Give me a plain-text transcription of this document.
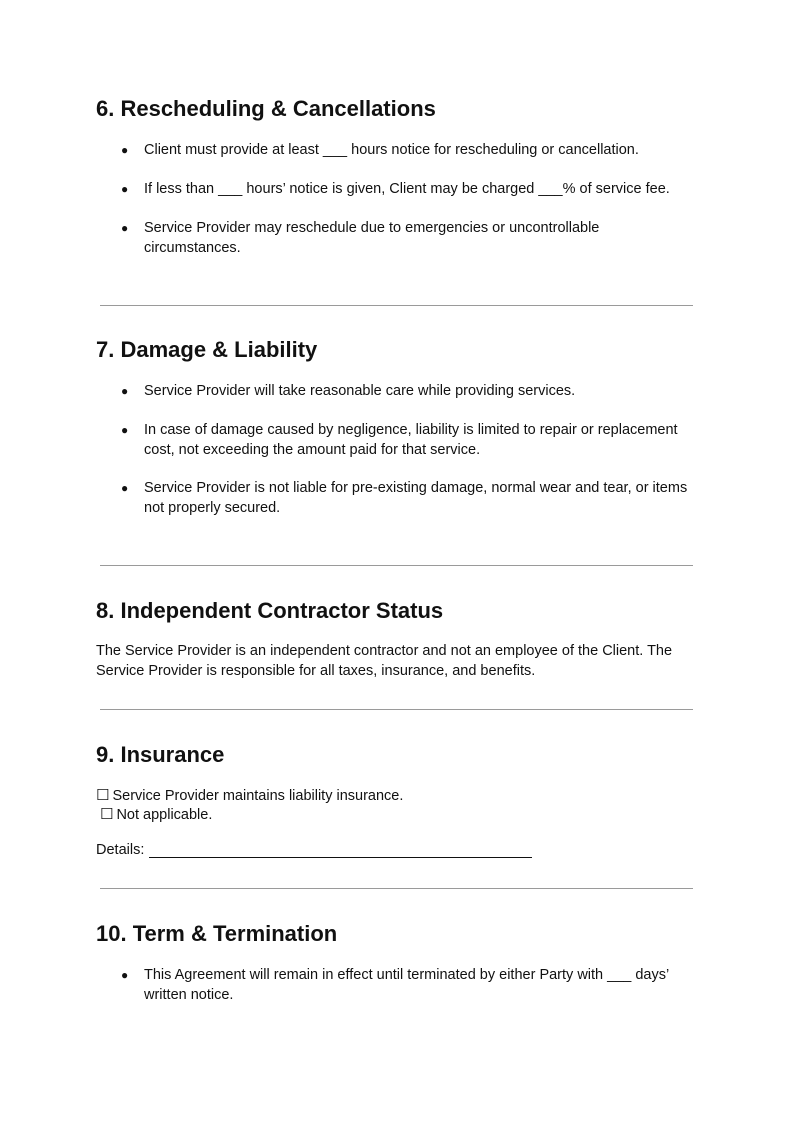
6. Rescheduling & Cancellations
● Client must provide at least ___ hours notice for rescheduling or cancellation.
● If less than ___ hours’ notice is given, Client may be charged ___% of service fee.
● Service Provider may reschedule due to emergencies or uncontrollable circumstances.
7. Damage & Liability
● Service Provider will take reasonable care while providing services.
● In case of damage caused by negligence, liability is limited to repair or replacement cost, not exceeding the amount paid for that service.
● Service Provider is not liable for pre-existing damage, normal wear and tear, or items not properly secured.
8. Independent Contractor Status

The Service Provider is an independent contractor and not an employee of the Client. The Service Provider is responsible for all taxes, insurance, and benefits.

9. Insurance
☐ Service Provider maintains liability insurance.
☐ Not applicable.
Details:
10. Term & Termination
● This Agreement will remain in effect until terminated by either Party with ___ days’ written notice.
